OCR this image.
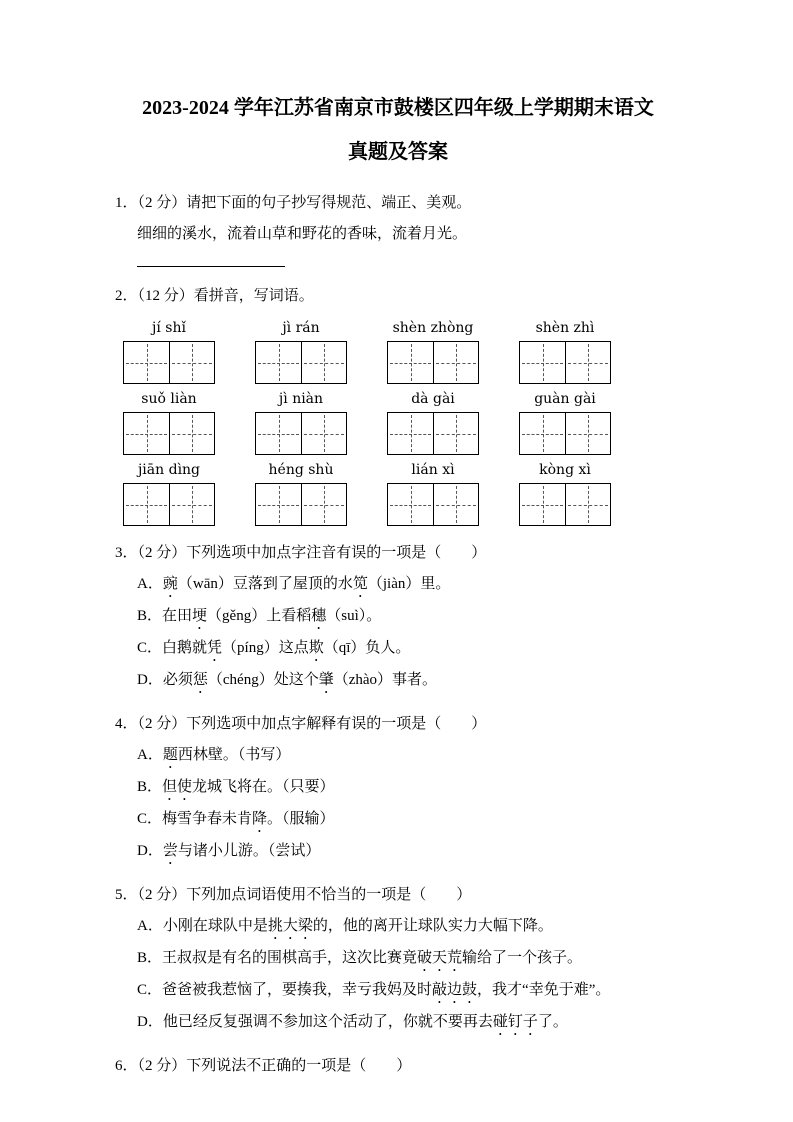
2023-2024 学年江苏省南京市鼓楼区四年级上学期期末语文
真题及答案

1．（2 分）请把下面的句子抄写得规范、端正、美观。

细细的溪水，流着山草和野花的香味，流着月光。

2．（12 分）看拼音，写词语。

jí shǐ	jì rán	shèn zhòng	shèn zhì
suǒ liàn	jì niàn	dà gài	guàn gài
jiān dìng	héng shù	lián xì	kòng xì

3．（2 分）下列选项中加点字注音有误的一项是（　　）

A．豌（wān）豆落到了屋顶的水笕（jiàn）里。
B．在田埂（gěng）上看稻穗（suì）。
C．白鹅就凭（píng）这点欺（qī）负人。
D．必须惩（chéng）处这个肇（zhào）事者。

4．（2 分）下列选项中加点字解释有误的一项是（　　）

A．题西林壁。（书写）
B．但使龙城飞将在。（只要）
C．梅雪争春未肯降。（服输）
D．尝与诸小儿游。（尝试）

5．（2 分）下列加点词语使用不恰当的一项是（　　）

A．小刚在球队中是挑大梁的，他的离开让球队实力大幅下降。
B．王叔叔是有名的围棋高手，这次比赛竟破天荒输给了一个孩子。
C．爸爸被我惹恼了，要揍我，幸亏我妈及时敲边鼓，我才“幸免于难”。
D．他已经反复强调不参加这个活动了，你就不要再去碰钉子了。

6．（2 分）下列说法不正确的一项是（　　）
